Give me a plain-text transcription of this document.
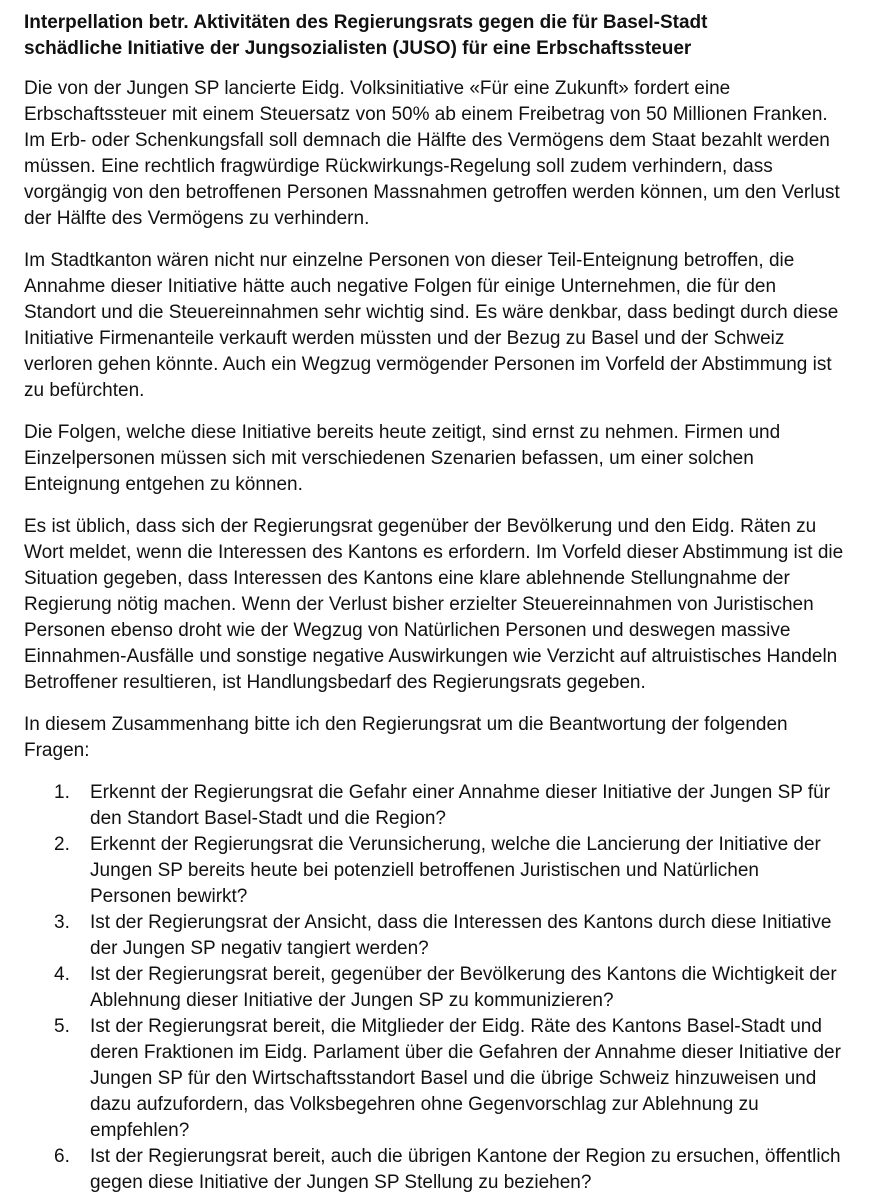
Interpellation betr. Aktivitäten des Regierungsrats gegen die für Basel-Stadt
schädliche Initiative der Jungsozialisten (JUSO) für eine Erbschaftssteuer

Die von der Jungen SP lancierte Eidg. Volksinitiative «Für eine Zukunft» fordert eine Erbschaftssteuer mit einem Steuersatz von 50% ab einem Freibetrag von 50 Millionen Franken. Im Erb- oder Schenkungsfall soll demnach die Hälfte des Vermögens dem Staat bezahlt werden müssen. Eine rechtlich fragwürdige Rückwirkungs-Regelung soll zudem verhindern, dass vorgängig von den betroffenen Personen Massnahmen getroffen werden können, um den Verlust der Hälfte des Vermögens zu verhindern.

Im Stadtkanton wären nicht nur einzelne Personen von dieser Teil-Enteignung betroffen, die Annahme dieser Initiative hätte auch negative Folgen für einige Unternehmen, die für den Standort und die Steuereinnahmen sehr wichtig sind. Es wäre denkbar, dass bedingt durch diese Initiative Firmenanteile verkauft werden müssten und der Bezug zu Basel und der Schweiz verloren gehen könnte. Auch ein Wegzug vermögender Personen im Vorfeld der Abstimmung ist zu befürchten.

Die Folgen, welche diese Initiative bereits heute zeitigt, sind ernst zu nehmen. Firmen und Einzelpersonen müssen sich mit verschiedenen Szenarien befassen, um einer solchen Enteignung entgehen zu können.

Es ist üblich, dass sich der Regierungsrat gegenüber der Bevölkerung und den Eidg. Räten zu Wort meldet, wenn die Interessen des Kantons es erfordern. Im Vorfeld dieser Abstimmung ist die Situation gegeben, dass Interessen des Kantons eine klare ablehnende Stellungnahme der Regierung nötig machen. Wenn der Verlust bisher erzielter Steuereinnahmen von Juristischen Personen ebenso droht wie der Wegzug von Natürlichen Personen und deswegen massive Einnahmen-Ausfälle und sonstige negative Auswirkungen wie Verzicht auf altruistisches Handeln Betroffener resultieren, ist Handlungsbedarf des Regierungsrats gegeben.

In diesem Zusammenhang bitte ich den Regierungsrat um die Beantwortung der folgenden Fragen:

1. Erkennt der Regierungsrat die Gefahr einer Annahme dieser Initiative der Jungen SP für den Standort Basel-Stadt und die Region?
2. Erkennt der Regierungsrat die Verunsicherung, welche die Lancierung der Initiative der Jungen SP bereits heute bei potenziell betroffenen Juristischen und Natürlichen Personen bewirkt?
3. Ist der Regierungsrat der Ansicht, dass die Interessen des Kantons durch diese Initiative der Jungen SP negativ tangiert werden?
4. Ist der Regierungsrat bereit, gegenüber der Bevölkerung des Kantons die Wichtigkeit der Ablehnung dieser Initiative der Jungen SP zu kommunizieren?
5. Ist der Regierungsrat bereit, die Mitglieder der Eidg. Räte des Kantons Basel-Stadt und deren Fraktionen im Eidg. Parlament über die Gefahren der Annahme dieser Initiative der Jungen SP für den Wirtschaftsstandort Basel und die übrige Schweiz hinzuweisen und dazu aufzufordern, das Volksbegehren ohne Gegenvorschlag zur Ablehnung zu empfehlen?
6. Ist der Regierungsrat bereit, auch die übrigen Kantone der Region zu ersuchen, öffentlich gegen diese Initiative der Jungen SP Stellung zu beziehen?
